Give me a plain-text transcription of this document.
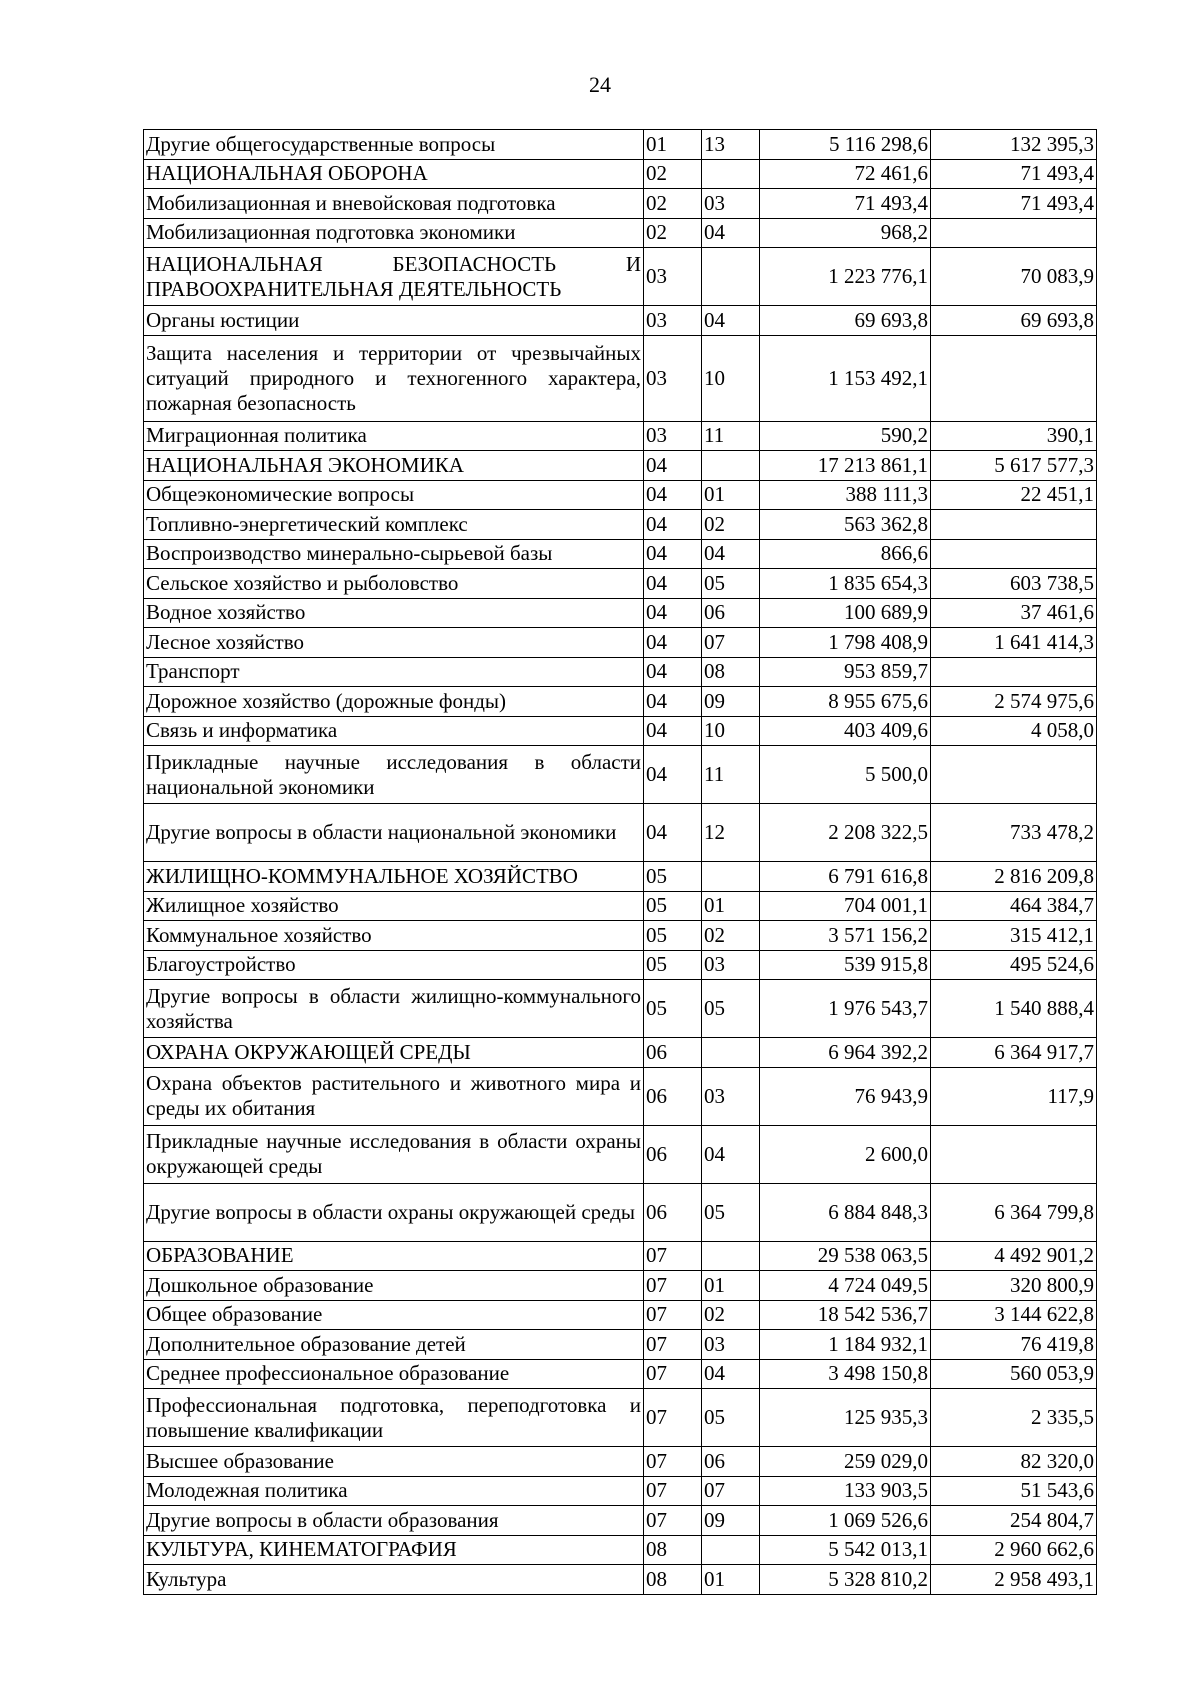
24
Другие общегосударственные вопросы	01	13	5 116 298,6	132 395,3
НАЦИОНАЛЬНАЯ ОБОРОНА	02		72 461,6	71 493,4
Мобилизационная и вневойсковая подготовка	02	03	71 493,4	71 493,4
Мобилизационная подготовка экономики	02	04	968,2	
НАЦИОНАЛЬНАЯ БЕЗОПАСНОСТЬ И ПРАВООХРАНИТЕЛЬНАЯ ДЕЯТЕЛЬНОСТЬ	03		1 223 776,1	70 083,9
Органы юстиции	03	04	69 693,8	69 693,8
Защита населения и территории от чрезвычайных ситуаций природного и техногенного характера, пожарная безопасность	03	10	1 153 492,1	
Миграционная политика	03	11	590,2	390,1
НАЦИОНАЛЬНАЯ ЭКОНОМИКА	04		17 213 861,1	5 617 577,3
Общеэкономические вопросы	04	01	388 111,3	22 451,1
Топливно-энергетический комплекс	04	02	563 362,8	
Воспроизводство минерально-сырьевой базы	04	04	866,6	
Сельское хозяйство и рыболовство	04	05	1 835 654,3	603 738,5
Водное хозяйство	04	06	100 689,9	37 461,6
Лесное хозяйство	04	07	1 798 408,9	1 641 414,3
Транспорт	04	08	953 859,7	
Дорожное хозяйство (дорожные фонды)	04	09	8 955 675,6	2 574 975,6
Связь и информатика	04	10	403 409,6	4 058,0
Прикладные научные исследования в области национальной экономики	04	11	5 500,0	
Другие вопросы в области национальной экономики	04	12	2 208 322,5	733 478,2
ЖИЛИЩНО-КОММУНАЛЬНОЕ ХОЗЯЙСТВО	05		6 791 616,8	2 816 209,8
Жилищное хозяйство	05	01	704 001,1	464 384,7
Коммунальное хозяйство	05	02	3 571 156,2	315 412,1
Благоустройство	05	03	539 915,8	495 524,6
Другие вопросы в области жилищно-коммунального хозяйства	05	05	1 976 543,7	1 540 888,4
ОХРАНА ОКРУЖАЮЩЕЙ СРЕДЫ	06		6 964 392,2	6 364 917,7
Охрана объектов растительного и животного мира и среды их обитания	06	03	76 943,9	117,9
Прикладные научные исследования в области охраны окружающей среды	06	04	2 600,0	
Другие вопросы в области охраны окружающей среды	06	05	6 884 848,3	6 364 799,8
ОБРАЗОВАНИЕ	07		29 538 063,5	4 492 901,2
Дошкольное образование	07	01	4 724 049,5	320 800,9
Общее образование	07	02	18 542 536,7	3 144 622,8
Дополнительное образование детей	07	03	1 184 932,1	76 419,8
Среднее профессиональное образование	07	04	3 498 150,8	560 053,9
Профессиональная подготовка, переподготовка и повышение квалификации	07	05	125 935,3	2 335,5
Высшее образование	07	06	259 029,0	82 320,0
Молодежная политика	07	07	133 903,5	51 543,6
Другие вопросы в области образования	07	09	1 069 526,6	254 804,7
КУЛЬТУРА, КИНЕМАТОГРАФИЯ	08		5 542 013,1	2 960 662,6
Культура	08	01	5 328 810,2	2 958 493,1
